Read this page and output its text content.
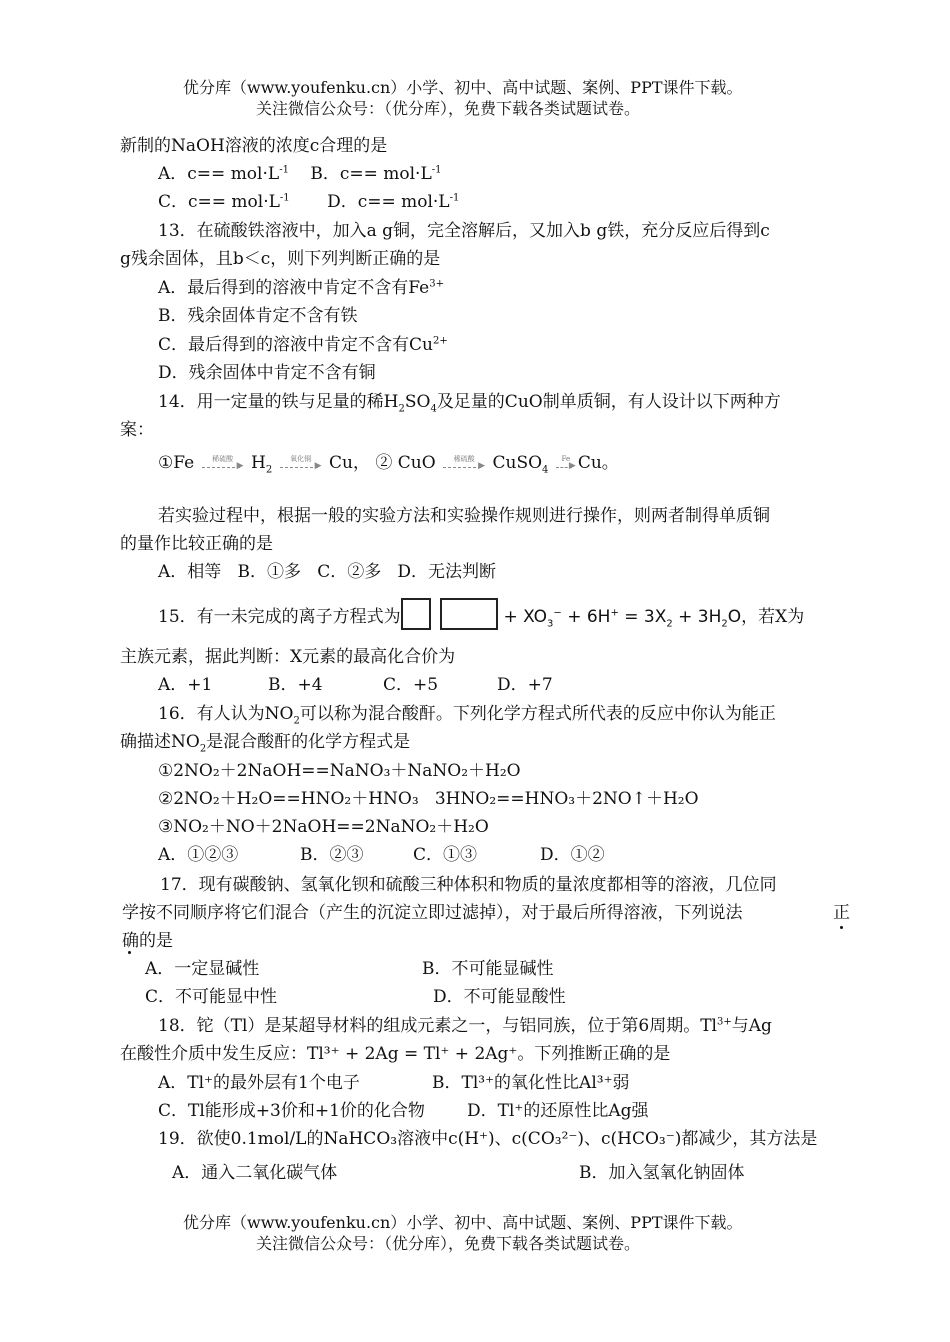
优分库（www.youfenku.cn）小学、初中、高中试题、案例、PPT课件下载。
关注微信公众号：（优分库），免费下载各类试题试卷。
新制的NaOH溶液的浓度c合理的是
A．$c== mol\cdot L^{-1}$ B．$c== mol\cdot L^{-1}$
C．$c== mol\cdot L^{-1}$ D．$c== mol\cdot L^{-1}$
13．在硫酸铁溶液中，加入a g铜，完全溶解后，又加入b g铁，充分反应后得到c
g残余固体，且b＜c，则下列判断正确的是
A．最后得到的溶液中肯定不含有$Fe^{3+}$
B．残余固体肯定不含有铁
C．最后得到的溶液中肯定不含有$Cu^{2+}$
D．残余固体中肯定不含有铜
14．用一定量的铁与足量的稀$H_2SO_4$及足量的CuO制单质铜，有人设计以下两种方
案：
①Fe	稀硫酸
▶ $H_2$
氧化铜
▶ Cu， ② CuO	稀硫酸
▶ CuSO$_4$
Fe
▶ Cu。
若实验过程中，根据一般的实验方法和实验操作规则进行操作，则两者制得单质铜
的量作比较正确的是
A．相等   B．①多   C．②多   D．无法判断
15．有一未完成的离子方程式为	+ $XO_3^- + 6H^+ = 3X_2 + 3H_2O$，若X为
主族元素，据此判断：X元素的最高化合价为
A．+1	B．+4	C．+5	D．+7
16．有人认为$NO_2$可以称为混合酸酐。下列化学方程式所代表的反应中你认为能正
确描述$NO_2$是混合酸酐的化学方程式是
①2NO₂＋2NaOH==NaNO₃＋NaNO₂＋H₂O
②2NO₂＋H₂O==HNO₂＋HNO₃   3HNO₂==HNO₃＋2NO↑＋H₂O
③NO₂＋NO＋2NaOH==2NaNO₂＋H₂O
A．①②③	B．②③	C．①③	D．①②
17．现有碳酸钠、氢氧化钡和硫酸三种体积和物质的量浓度都相等的溶液，几位同
学按不同顺序将它们混合（产生的沉淀立即过滤掉），对于最后所得溶液，下列说法	正
确的是
A．一定显碱性	B．不可能显碱性
C．不可能显中性	D．不可能显酸性
18．铊（Tl）是某超导材料的组成元素之一，与铝同族，位于第6周期。$Tl^{3+}$与Ag
在酸性介质中发生反应：Tl³⁺ + 2Ag = Tl⁺ + 2Ag⁺。下列推断正确的是
A．Tl⁺的最外层有1个电子	B．Tl³⁺的氧化性比Al³⁺弱
C．Tl能形成+3价和+1价的化合物 D．Tl⁺的还原性比Ag强
19．欲使0.1mol/L的NaHCO₃溶液中c(H⁺)、c(CO₃²⁻)、c(HCO₃⁻)都减少，其方法是
A．通入二氧化碳气体	B．加入氢氧化钠固体
优分库（www.youfenku.cn）小学、初中、高中试题、案例、PPT课件下载。
关注微信公众号：（优分库），免费下载各类试题试卷。
